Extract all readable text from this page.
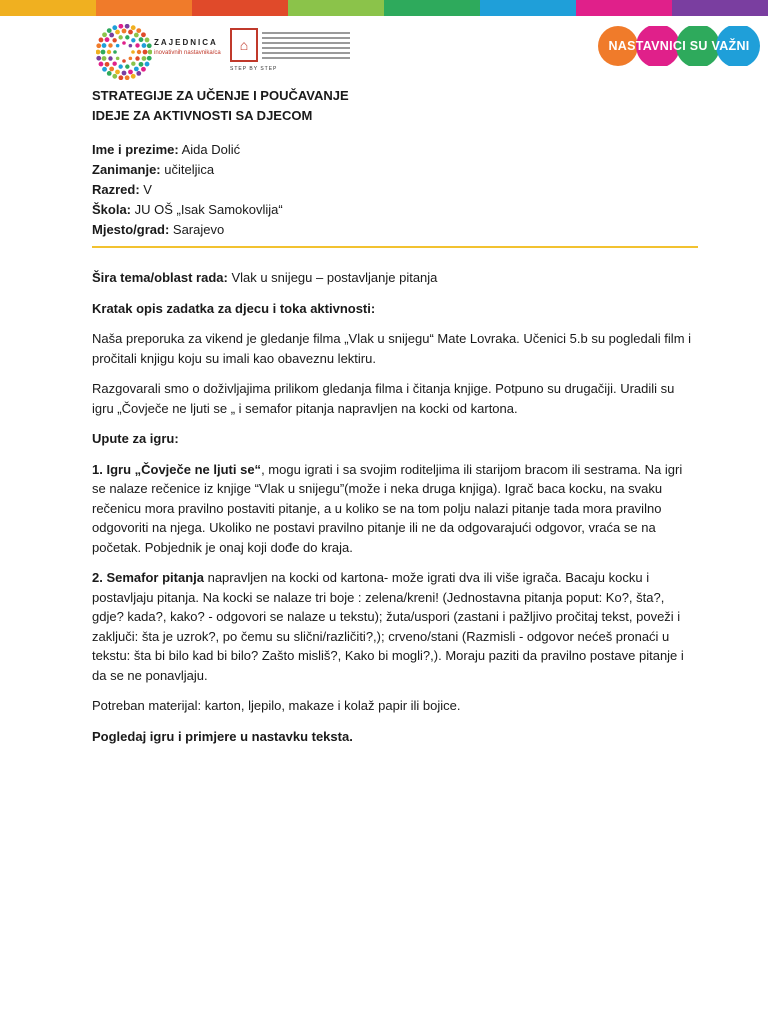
ZAJEDNICA
inovativnih nastavnika/ca	⌂
STEP BY STEP
NASTAVNICI SU VAŽNI
STRATEGIJE ZA UČENJE I POUČAVANJE
IDEJE ZA AKTIVNOSTI SA DJECOM
Ime i prezime: Aida Dolić
Zanimanje: učiteljica
Razred: V
Škola: JU OŠ „Isak Samokovlija“
Mjesto/grad: Sarajevo

Šira tema/oblast rada: Vlak u snijegu – postavljanje pitanja

Kratak opis zadatka za djecu i toka aktivnosti:

Naša preporuka za vikend je gledanje filma „Vlak u snijegu“ Mate Lovraka. Učenici 5.b su pogledali film i pročitali knjigu koju su imali kao obaveznu lektiru.

Razgovarali smo o doživljajima prilikom gledanja filma i čitanja knjige. Potpuno su drugačiji. Uradili su igru „Čovječe ne ljuti se „ i semafor pitanja napravljen na kocki od kartona.

Upute za igru:

1. Igru „Čovječe ne ljuti se“, mogu igrati i sa svojim roditeljima ili starijom bracom ili sestrama. Na igri se nalaze rečenice iz knjige “Vlak u snijegu”(može i neka druga knjiga). Igrač baca kocku, na svaku rečenicu mora pravilno postaviti pitanje, a u koliko se na tom polju nalazi pitanje tada mora pravilno odgovoriti na njega. Ukoliko ne postavi pravilno pitanje ili ne da odgovarajući odgovor, vraća se na početak. Pobjednik je onaj koji dođe do kraja.

2. Semafor pitanja napravljen na kocki od kartona- može igrati dva ili više igrača. Bacaju kocku i postavljaju pitanja. Na kocki se nalaze tri boje : zelena/kreni! (Jednostavna pitanja poput: Ko?, šta?, gdje? kada?, kako? - odgovori se nalaze u tekstu); žuta/uspori (zastani i pažljivo pročitaj tekst, poveži i zaključi: šta je uzrok?, po čemu su slični/različiti?,); crveno/stani (Razmisli - odgovor nećeš pronaći u tekstu: šta bi bilo kad bi bilo? Zašto misliš?, Kako bi mogli?,). Moraju paziti da pravilno postave pitanje i da se ne ponavljaju.

Potreban materijal: karton, ljepilo, makaze i kolaž papir ili bojice.

Pogledaj igru i primjere u nastavku teksta.
